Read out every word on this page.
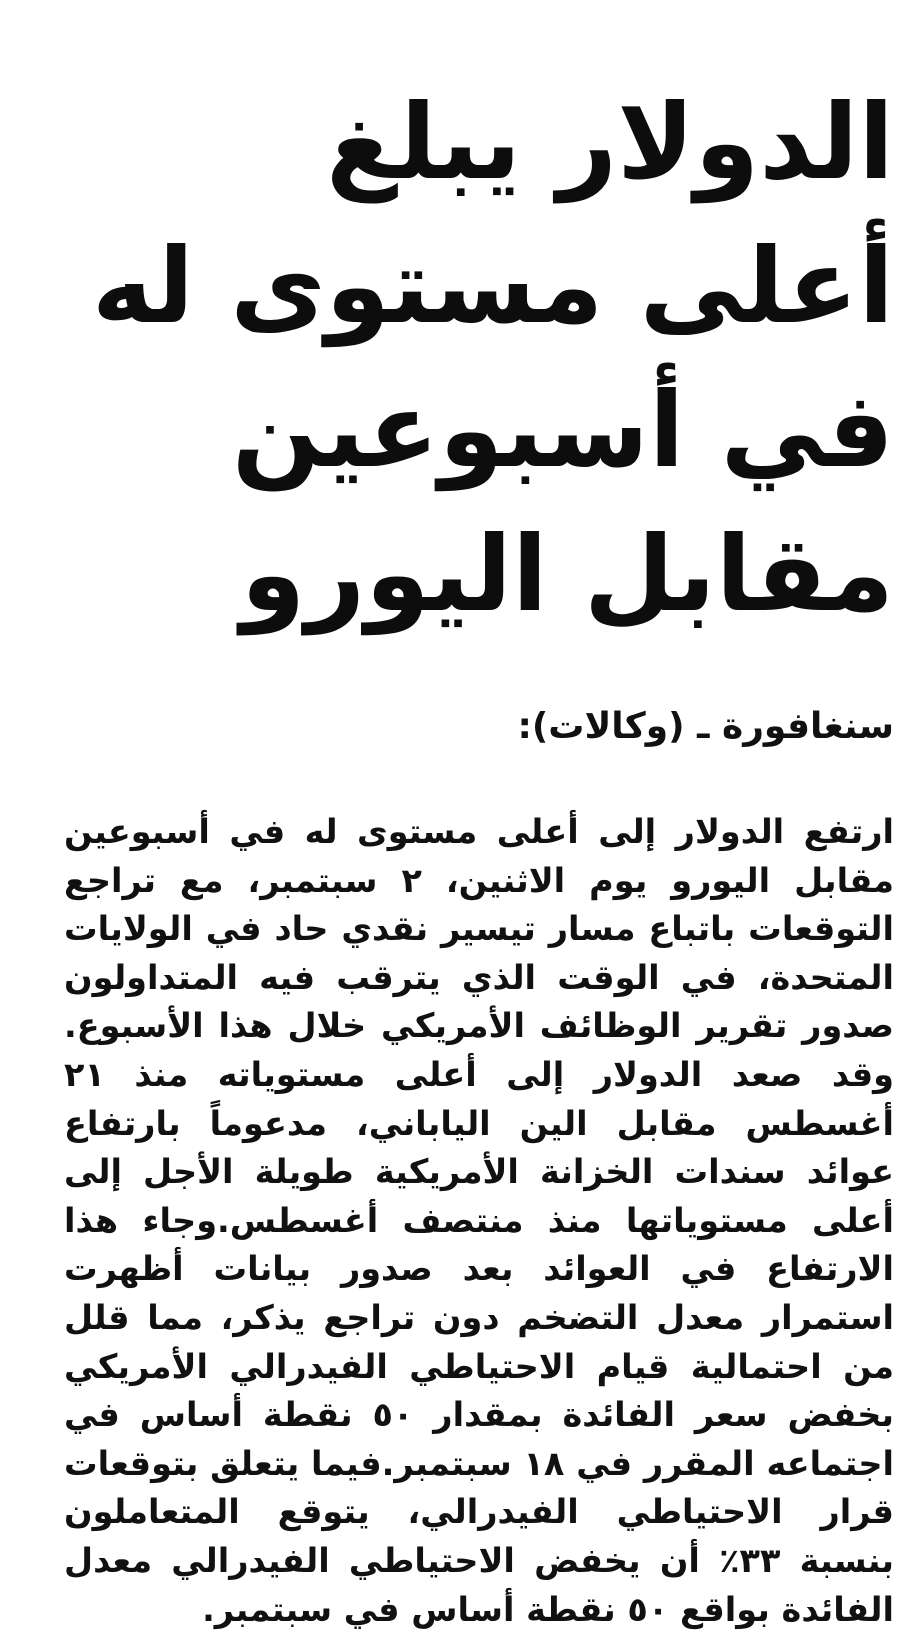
الدولار يبلغ أعلى مستوى له في أسبوعين مقابل اليورو
سنغافورة ـ (وكالات):

ارتفع الدولار إلى أعلى مستوى له في أسبوعين مقابل اليورو يوم الاثنين، ٢ سبتمبر، مع تراجع التوقعات باتباع مسار تيسير نقدي حاد في الولايات المتحدة، في الوقت الذي يترقب فيه المتداولون صدور تقرير الوظائف الأمريكي خلال هذا الأسبوع. وقد صعد الدولار إلى أعلى مستوياته منذ ٢١ أغسطس مقابل الين الياباني، مدعوماً بارتفاع عوائد سندات الخزانة الأمريكية طويلة الأجل إلى أعلى مستوياتها منذ منتصف أغسطس.وجاء هذا الارتفاع في العوائد بعد صدور بيانات أظهرت استمرار معدل التضخم دون تراجع يذكر، مما قلل من احتمالية قيام الاحتياطي الفيدرالي الأمريكي بخفض سعر الفائدة بمقدار ٥٠ نقطة أساس في اجتماعه المقرر في ١٨ سبتمبر.فيما يتعلق بتوقعات قرار الاحتياطي الفيدرالي، يتوقع المتعاملون بنسبة ٣٣٪ أن يخفض الاحتياطي الفيدرالي معدل الفائدة بواقع ٥٠ نقطة أساس في سبتمبر.
